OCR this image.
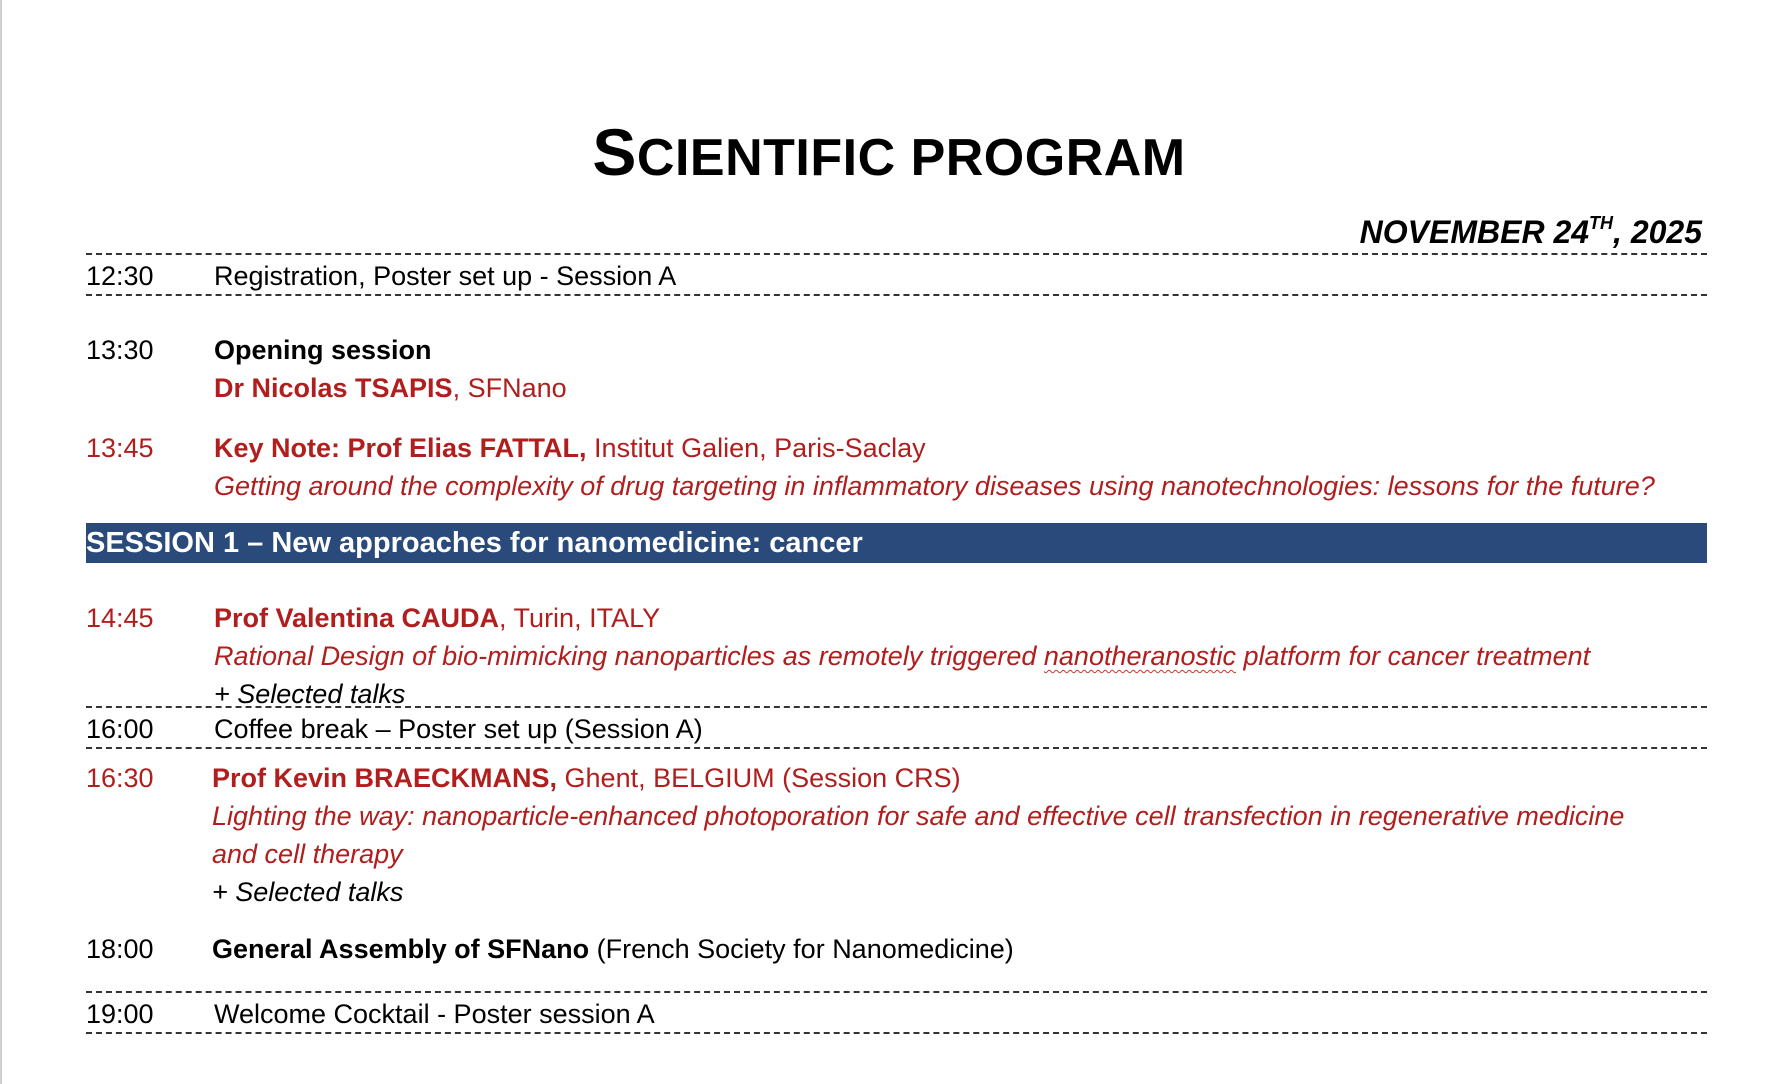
SCIENTIFIC PROGRAM
NOVEMBER 24TH, 2025
12:30	Registration, Poster set up - Session A
13:30	Opening session
Dr Nicolas TSAPIS, SFNano
13:45	Key Note: Prof Elias FATTAL, Institut Galien, Paris-Saclay
Getting around the complexity of drug targeting in inflammatory diseases using nanotechnologies: lessons for the future?
SESSION 1 – New approaches for nanomedicine: cancer
14:45	Prof Valentina CAUDA, Turin, ITALY
Rational Design of bio-mimicking nanoparticles as remotely triggered nanotheranostic platform for cancer treatment
+ Selected talks
16:00	Coffee break – Poster set up (Session A)
16:30	Prof Kevin BRAECKMANS, Ghent, BELGIUM (Session CRS)
Lighting the way: nanoparticle-enhanced photoporation for safe and effective cell transfection in regenerative medicine
and cell therapy
+ Selected talks
18:00	General Assembly of SFNano (French Society for Nanomedicine)
19:00	Welcome Cocktail - Poster session A
